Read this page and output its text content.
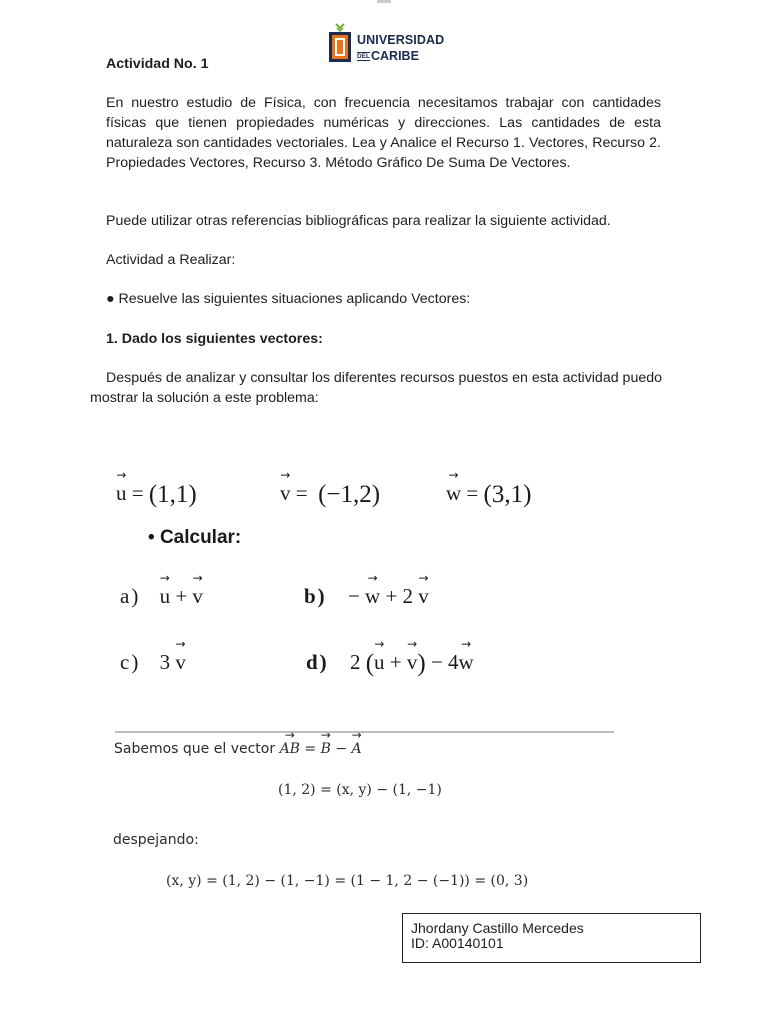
UNIVERSIDAD
DELCARIBE
Actividad No. 1
En nuestro estudio de Física, con frecuencia necesitamos trabajar con cantidades físicas que tienen propiedades numéricas y direcciones. Las cantidades de esta naturaleza son cantidades vectoriales. Lea y Analice el Recurso 1. Vectores, Recurso 2. Propiedades Vectores, Recurso 3. Método Gráfico De Suma De Vectores.
Puede utilizar otras referencias bibliográficas para realizar la siguiente actividad.
Actividad a Realizar:
● Resuelve las siguientes situaciones aplicando Vectores:
1. Dado los siguientes vectores:
Después de analizar y consultar los diferentes recursos puestos en esta actividad puedo mostrar la solución a este problema:
→ u = (1,1)	→ v =  (−1,2)	→ w = (3,1)
• Calcular:
a) → u + → v	b) − → w + 2 → v
c) 3 → v	d) 2 (→ u + → v) − 4→ w
Sabemos que el vector → AB = → B − → A
(1, 2) = (x, y) − (1, −1)
despejando:
(x, y) = (1, 2) − (1, −1) = (1 − 1, 2 − (−1)) = (0, 3)
Jhordany Castillo Mercedes
ID: A00140101
